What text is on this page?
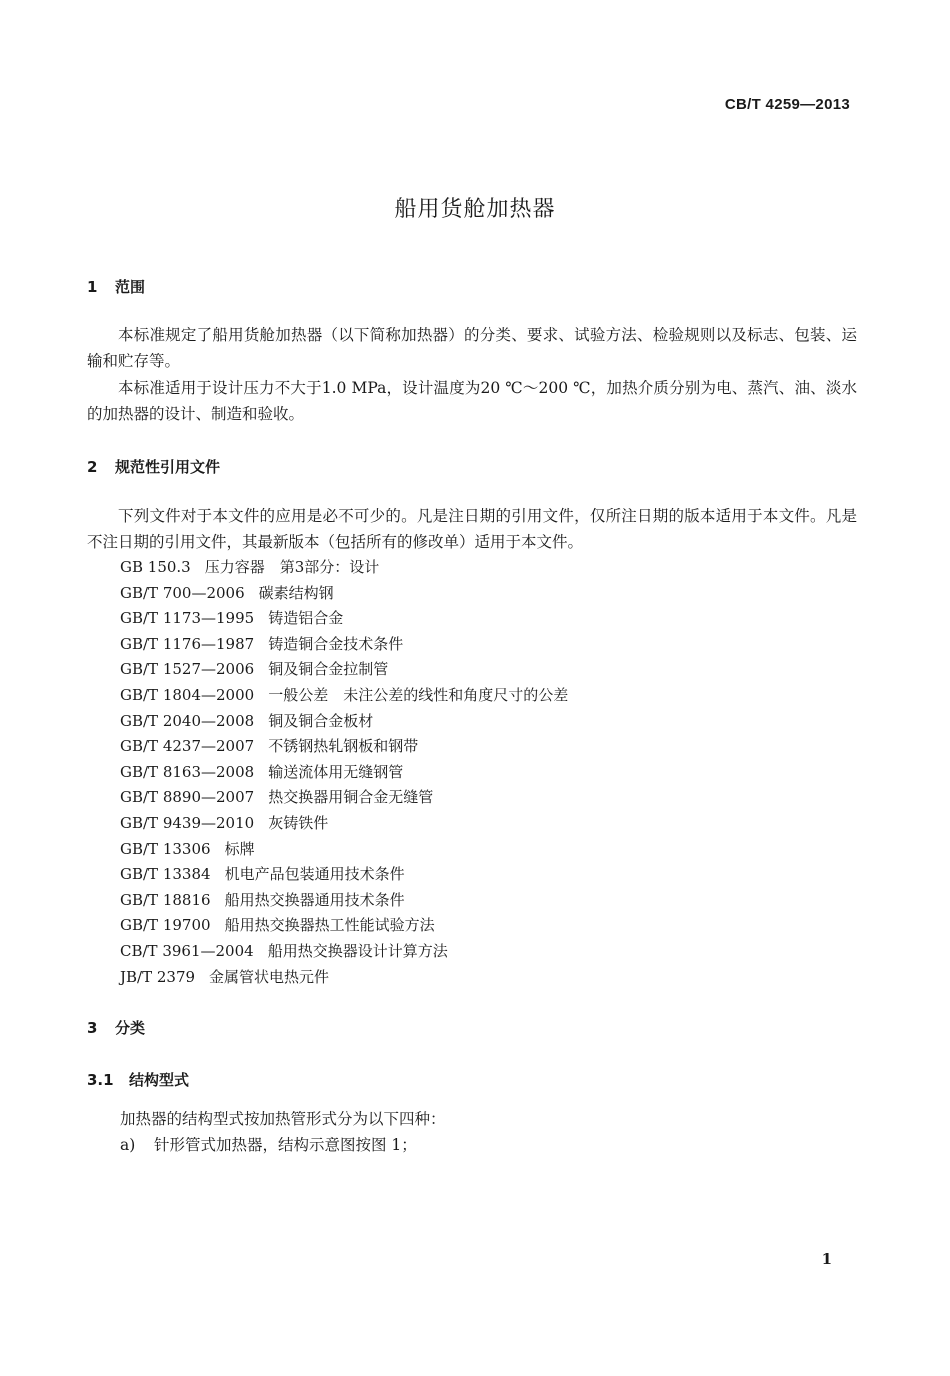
CB/T 4259—2013
船用货舱加热器
1 范围
本标准规定了船用货舱加热器（以下简称加热器）的分类、要求、试验方法、检验规则以及标志、包装、运输和贮存等。
本标准适用于设计压力不大于1.0 MPa，设计温度为20 ℃～200 ℃，加热介质分别为电、蒸汽、油、淡水的加热器的设计、制造和验收。
2 规范性引用文件
下列文件对于本文件的应用是必不可少的。凡是注日期的引用文件，仅所注日期的版本适用于本文件。凡是不注日期的引用文件，其最新版本（包括所有的修改单）适用于本文件。
GB 150.3 压力容器　第3部分：设计
GB/T 700—2006 碳素结构钢
GB/T 1173—1995 铸造铝合金
GB/T 1176—1987 铸造铜合金技术条件
GB/T 1527—2006 铜及铜合金拉制管
GB/T 1804—2000 一般公差　未注公差的线性和角度尺寸的公差
GB/T 2040—2008 铜及铜合金板材
GB/T 4237—2007 不锈钢热轧钢板和钢带
GB/T 8163—2008 输送流体用无缝钢管
GB/T 8890—2007 热交换器用铜合金无缝管
GB/T 9439—2010 灰铸铁件
GB/T 13306 标牌
GB/T 13384 机电产品包装通用技术条件
GB/T 18816 船用热交换器通用技术条件
GB/T 19700 船用热交换器热工性能试验方法
CB/T 3961—2004 船用热交换器设计计算方法
JB/T 2379 金属管状电热元件
3 分类
3.1 结构型式
加热器的结构型式按加热管形式分为以下四种：
a) 针形管式加热器，结构示意图按图 1；
1
